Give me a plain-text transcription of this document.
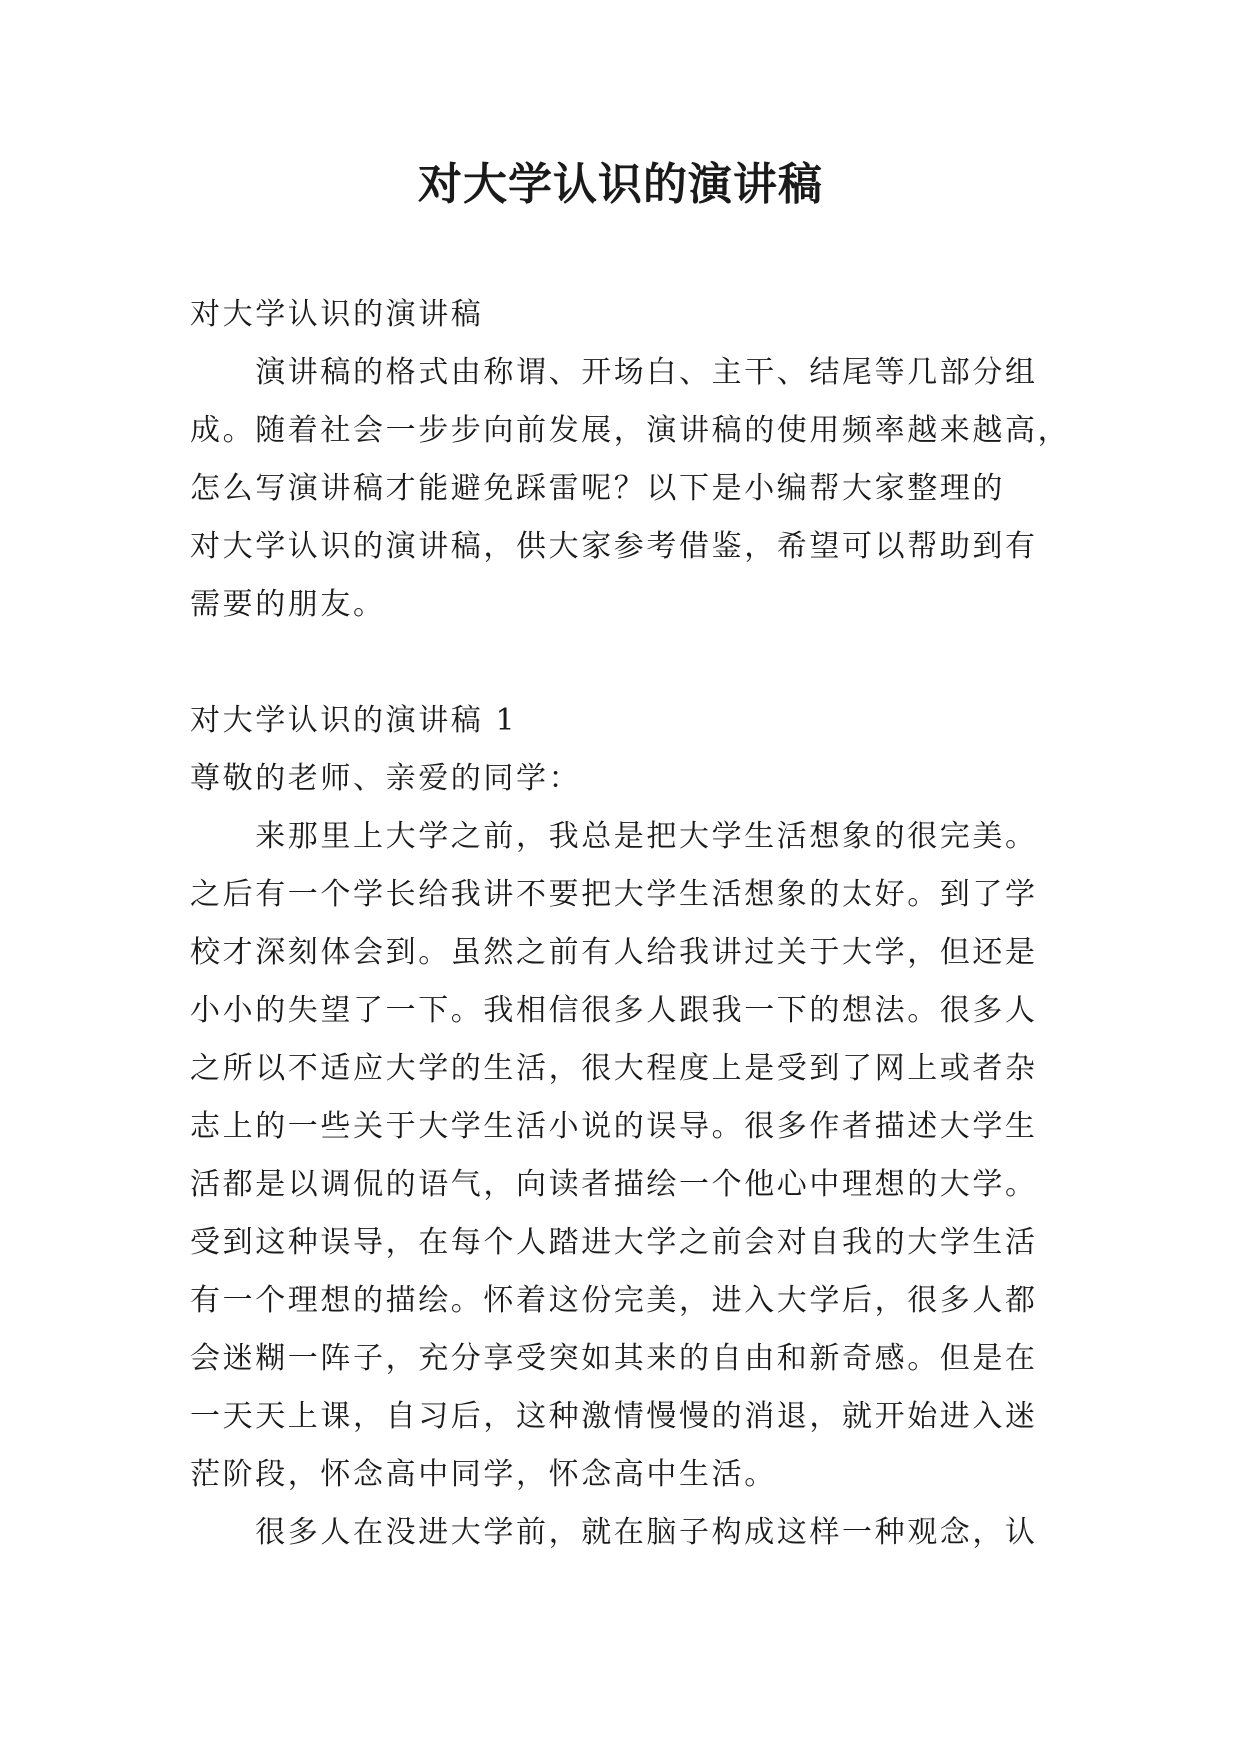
对大学认识的演讲稿

对大学认识的演讲稿

　　演讲稿的格式由称谓、开场白、主干、结尾等几部分组

成。随着社会一步步向前发展，演讲稿的使用频率越来越高，

怎么写演讲稿才能避免踩雷呢？以下是小编帮大家整理的

对大学认识的演讲稿，供大家参考借鉴，希望可以帮助到有

需要的朋友。

对大学认识的演讲稿 1

尊敬的老师、亲爱的同学：

　　来那里上大学之前，我总是把大学生活想象的很完美。

之后有一个学长给我讲不要把大学生活想象的太好。到了学

校才深刻体会到。虽然之前有人给我讲过关于大学，但还是

小小的失望了一下。我相信很多人跟我一下的想法。很多人

之所以不适应大学的生活，很大程度上是受到了网上或者杂

志上的一些关于大学生活小说的误导。很多作者描述大学生

活都是以调侃的语气，向读者描绘一个他心中理想的大学。

受到这种误导，在每个人踏进大学之前会对自我的大学生活

有一个理想的描绘。怀着这份完美，进入大学后，很多人都

会迷糊一阵子，充分享受突如其来的自由和新奇感。但是在

一天天上课，自习后，这种激情慢慢的消退，就开始进入迷

茫阶段，怀念高中同学，怀念高中生活。

　　很多人在没进大学前，就在脑子构成这样一种观念，认
